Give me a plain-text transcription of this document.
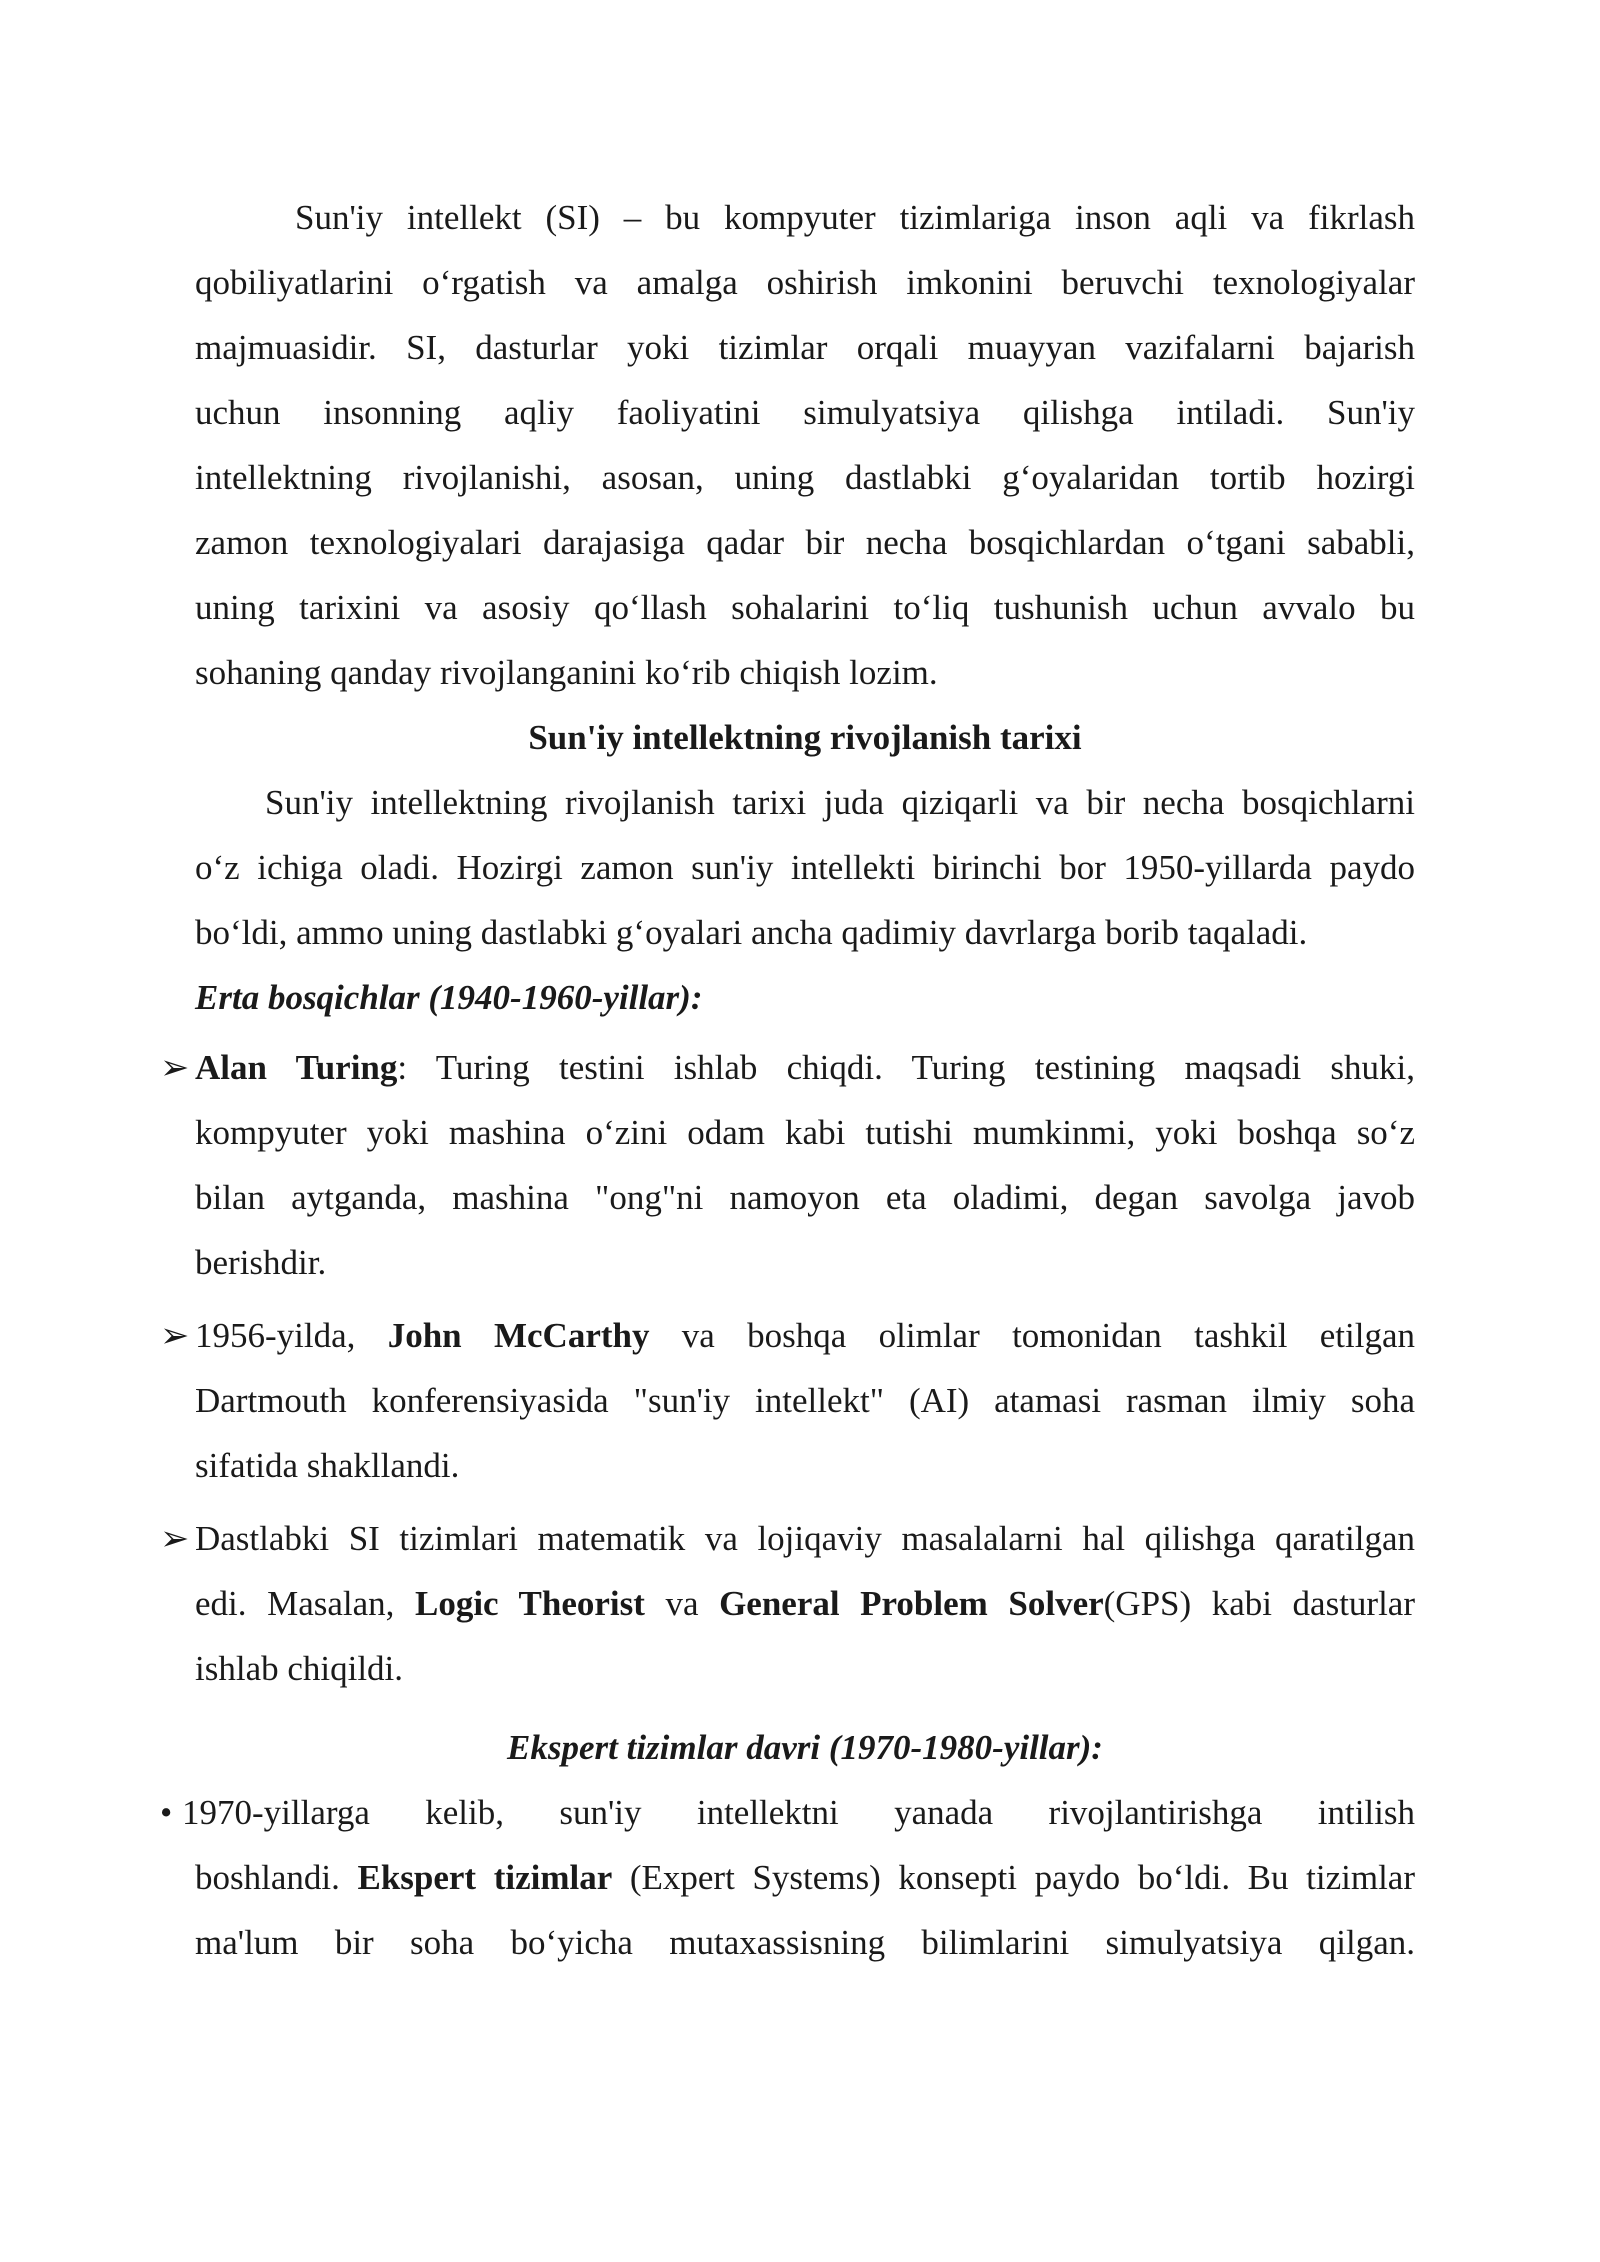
Sun'iy intellekt (SI) – bu kompyuter tizimlariga inson aqli va fikrlash

qobiliyatlarini o‘rgatish va amalga oshirish imkonini beruvchi texnologiyalar

majmuasidir. SI, dasturlar yoki tizimlar orqali muayyan vazifalarni bajarish

uchun insonning aqliy faoliyatini simulyatsiya qilishga intiladi. Sun'iy

intellektning rivojlanishi, asosan, uning dastlabki g‘oyalaridan tortib hozirgi

zamon texnologiyalari darajasiga qadar bir necha bosqichlardan o‘tgani sababli,

uning tarixini va asosiy qo‘llash sohalarini to‘liq tushunish uchun avvalo bu

sohaning qanday rivojlanganini ko‘rib chiqish lozim.

Sun'iy intellektning rivojlanish tarixi

Sun'iy intellektning rivojlanish tarixi juda qiziqarli va bir necha bosqichlarni

o‘z ichiga oladi. Hozirgi zamon sun'iy intellekti birinchi bor 1950-yillarda paydo

bo‘ldi, ammo uning dastlabki g‘oyalari ancha qadimiy davrlarga borib taqaladi.

Erta bosqichlar (1940-1960-yillar):
➢ Alan Turing: Turing testini ishlab chiqdi. Turing testining maqsadi shuki,
kompyuter yoki mashina o‘zini odam kabi tutishi mumkinmi, yoki boshqa so‘z
bilan aytganda, mashina "ong"ni namoyon eta oladimi, degan savolga javob
berishdir.
➢ 1956-yilda, John McCarthy va boshqa olimlar tomonidan tashkil etilgan
Dartmouth konferensiyasida "sun'iy intellekt" (AI) atamasi rasman ilmiy soha
sifatida shakllandi.
➢ Dastlabki SI tizimlari matematik va lojiqaviy masalalarni hal qilishga qaratilgan
edi. Masalan, Logic Theorist va General Problem Solver(GPS) kabi dasturlar
ishlab chiqildi.
Ekspert tizimlar davri (1970-1980-yillar):
• 1970-yillarga kelib, sun'iy intellektni yanada rivojlantirishga intilish
boshlandi. Ekspert tizimlar (Expert Systems) konsepti paydo bo‘ldi. Bu tizimlar
ma'lum bir soha bo‘yicha mutaxassisning bilimlarini simulyatsiya qilgan.
